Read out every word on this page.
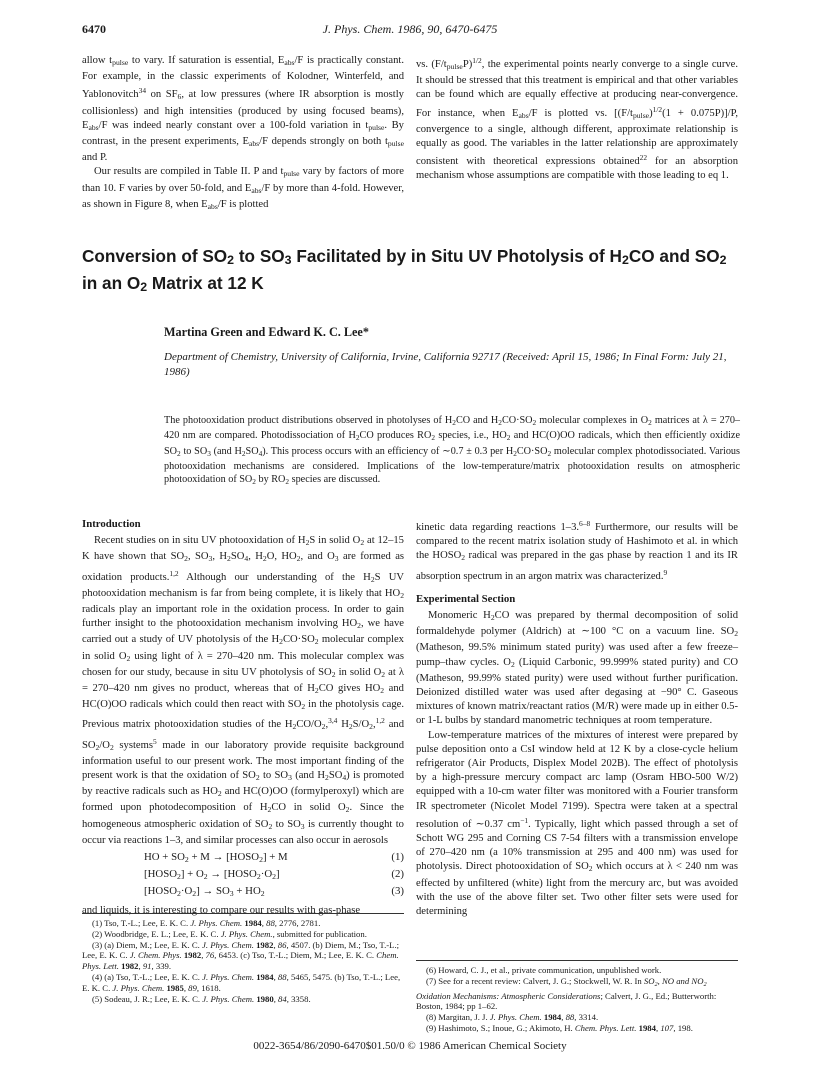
6470	J. Phys. Chem. 1986, 90, 6470-6475

allow $t_{pulse}$ to vary. If saturation is essential, $E_{abs}/F$ is practically constant. For example, in the classic experiments of Kolodner, Winterfeld, and Yablonovitch$^{34}$ on $SF_6$, at low pressures (where IR absorption is mostly collisionless) and high intensities (produced by using focused beams), $E_{abs}/F$ was indeed nearly constant over a 100-fold variation in $t_{pulse}$. By contrast, in the present experiments, $E_{abs}/F$ depends strongly on both $t_{pulse}$ and P.

Our results are compiled in Table II. P and $t_{pulse}$ vary by factors of more than 10. F varies by over 50-fold, and $E_{abs}/F$ by more than 4-fold. However, as shown in Figure 8, when $E_{abs}/F$ is plotted

vs. $(F/t_{pulse}P)^{1/2}$, the experimental points nearly converge to a single curve. It should be stressed that this treatment is empirical and that other variables can be found which are equally effective at producing near-convergence. For instance, when $E_{abs}/F$ is plotted vs. $[(F/t_{pulse})^{1/2}(1 + 0.075P)]/P$, convergence to a single, although different, approximate relationship is equally as good. The variables in the latter relationship are approximately consistent with theoretical expressions obtained$^{22}$ for an absorption mechanism whose assumptions are compatible with those leading to eq 1.

Conversion of $SO_2$ to $SO_3$ Facilitated by in Situ UV Photolysis of $H_2CO$ and $SO_2$ in an $O_2$ Matrix at 12 K
Martina Green and Edward K. C. Lee*
Department of Chemistry, University of California, Irvine, California 92717 (Received: April 15, 1986; In Final Form: July 21, 1986)
The photooxidation product distributions observed in photolyses of $H_2CO$ and $H_2CO\cdot SO_2$ molecular complexes in $O_2$ matrices at λ = 270–420 nm are compared. Photodissociation of $H_2CO$ produces $RO_2$ species, i.e., $HO_2$ and HC(O)OO radicals, which then efficiently oxidize $SO_2$ to $SO_3$ (and $H_2SO_4$). This process occurs with an efficiency of ∼0.7 ± 0.3 per $H_2CO\cdot SO_2$ molecular complex photodissociated. Various photooxidation mechanisms are considered. Implications of the low-temperature/matrix photooxidation results on atmospheric photooxidation of $SO_2$ by $RO_2$ species are discussed.
Introduction

Recent studies on in situ UV photooxidation of $H_2S$ in solid $O_2$ at 12–15 K have shown that $SO_2$, $SO_3$, $H_2SO_4$, $H_2O$, $HO_2$, and $O_3$ are formed as oxidation products.$^{1,2}$ Although our understanding of the $H_2S$ UV photooxidation mechanism is far from being complete, it is likely that $HO_2$ radicals play an important role in the oxidation process. In order to gain further insight to the photooxidation mechanism involving $HO_2$, we have carried out a study of UV photolysis of the $H_2CO\cdot SO_2$ molecular complex in solid $O_2$ using light of λ = 270–420 nm. This molecular complex was chosen for our study, because in situ UV photolysis of $SO_2$ in solid $O_2$ at λ = 270–420 nm gives no product, whereas that of $H_2CO$ gives $HO_2$ and HC(O)OO radicals which could then react with $SO_2$ in the photolysis cage. Previous matrix photooxidation studies of the $H_2CO/O_2,^{3,4}$ $H_2S/O_2,^{1,2}$ and $SO_2/O_2$ systems$^5$ made in our laboratory provide requisite background information useful to our present work. The most important finding of the present work is that the oxidation of $SO_2$ to $SO_3$ (and $H_2SO_4$) is promoted by reactive radicals such as $HO_2$ and HC(O)OO (formylperoxyl) which are formed upon photodecomposition of $H_2CO$ in solid $O_2$. Since the homogeneous atmospheric oxidation of $SO_2$ to $SO_3$ is currently thought to occur via reactions 1–3, and similar processes can also occur in aerosols

HO + $SO_2 + M$ → $[HOSO_2] + M$	(1)
$[HOSO_2] + O_2$ → $[HOSO_2\cdot O_2]$	(2)
$[HOSO_2\cdot O_2] \to SO_3 + HO_2$	(3)

and liquids, it is interesting to compare our results with gas-phase

kinetic data regarding reactions 1–3.$^{6-8}$ Furthermore, our results will be compared to the recent matrix isolation study of Hashimoto et al. in which the $HOSO_2$ radical was prepared in the gas phase by reaction 1 and its IR absorption spectrum in an argon matrix was characterized.$^9$

Experimental Section

Monomeric $H_2CO$ was prepared by thermal decomposition of solid formaldehyde polymer (Aldrich) at ∼100 °C on a vacuum line. $SO_2$ (Matheson, 99.5% minimum stated purity) was used after a few freeze–pump–thaw cycles. $O_2$ (Liquid Carbonic, 99.999% stated purity) and CO (Matheson, 99.99% stated purity) were used without further purification. Deionized distilled water was used after degasing at −90° C. Gaseous mixtures of known matrix/reactant ratios (M/R) were made up in either 0.5- or 1-L bulbs by standard manometric techniques at room temperature.

Low-temperature matrices of the mixtures of interest were prepared by pulse deposition onto a CsI window held at 12 K by a close-cycle helium refrigerator (Air Products, Displex Model 202B). The effect of photolysis by a high-pressure mercury compact arc lamp (Osram HBO-500 W/2) equipped with a 10-cm water filter was monitored with a Fourier transform IR spectrometer (Nicolet Model 7199). Spectra were taken at a spectral resolution of ∼0.37 $cm^{-1}$. Typically, light which passed through a set of Schott WG 295 and Corning CS 7-54 filters with a transmission envelope of 270–420 nm (a 10% transmission at 295 and 400 nm) was used for photolysis. Direct photooxidation of $SO_2$ which occurs at λ < 240 nm was effected by unfiltered (white) light from the mercury arc, but was avoided with the use of the above filter set. Two other filter sets were used for determining

(1) Tso, T.-L.; Lee, E. K. C. J. Phys. Chem. 1984, 88, 2776, 2781.
(2) Woodbridge, E. L.; Lee, E. K. C. J. Phys. Chem., submitted for publication.
(3) (a) Diem, M.; Lee, E. K. C. J. Phys. Chem. 1982, 86, 4507. (b) Diem, M.; Tso, T.-L.; Lee, E. K. C. J. Chem. Phys. 1982, 76, 6453. (c) Tso, T.-L.; Diem, M.; Lee, E. K. C. Chem. Phys. Lett. 1982, 91, 339.
(4) (a) Tso, T.-L.; Lee, E. K. C. J. Phys. Chem. 1984, 88, 5465, 5475. (b) Tso, T.-L.; Lee, E. K. C. J. Phys. Chem. 1985, 89, 1618.
(5) Sodeau, J. R.; Lee, E. K. C. J. Phys. Chem. 1980, 84, 3358.
(6) Howard, C. J., et al., private communication, unpublished work.
(7) See for a recent review: Calvert, J. G.; Stockwell, W. R. In $SO_2$, NO and $NO_2$ Oxidation Mechanisms: Atmospheric Considerations; Calvert, J. G., Ed.; Butterworth: Boston, 1984; pp 1–62.
(8) Margitan, J. J. J. Phys. Chem. 1984, 88, 3314.
(9) Hashimoto, S.; Inoue, G.; Akimoto, H. Chem. Phys. Lett. 1984, 107, 198.
0022-3654/86/2090-6470$01.50/0 © 1986 American Chemical Society
